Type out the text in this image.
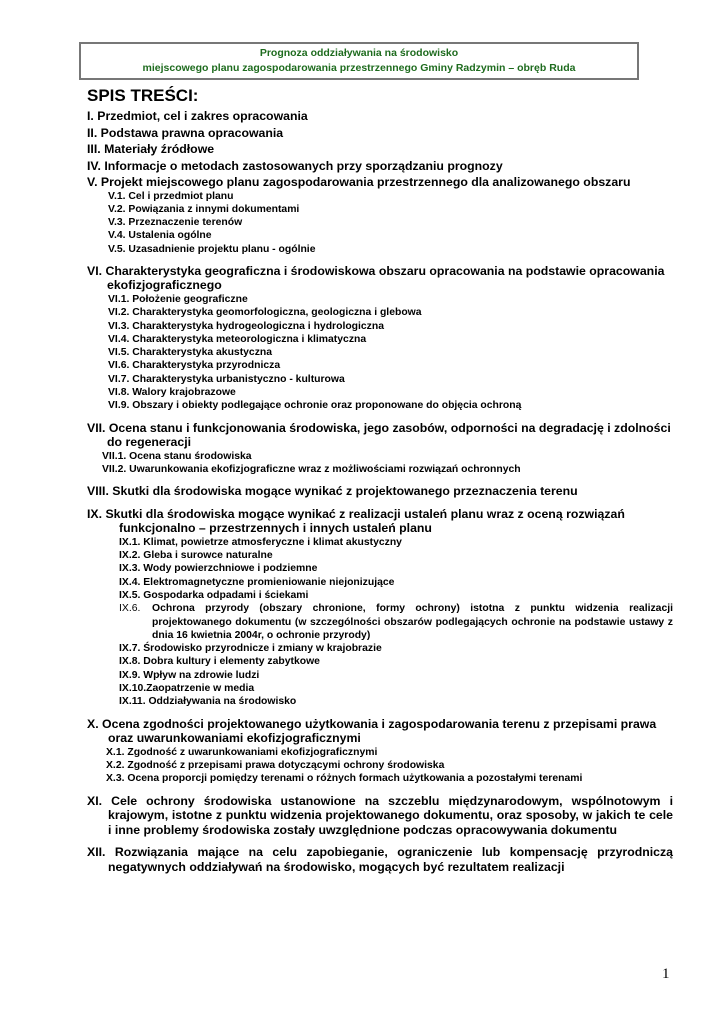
Prognoza oddziaływania na środowisko
miejscowego planu zagospodarowania przestrzennego Gminy Radzymin – obręb Ruda
SPIS TREŚCI:
I. Przedmiot, cel i zakres opracowania
II. Podstawa prawna opracowania
III. Materiały źródłowe
IV. Informacje o metodach zastosowanych przy sporządzaniu prognozy
V. Projekt miejscowego planu zagospodarowania przestrzennego dla analizowanego obszaru
V.1. Cel i przedmiot planu
V.2. Powiązania z innymi dokumentami
V.3. Przeznaczenie terenów
V.4. Ustalenia ogólne
V.5. Uzasadnienie projektu planu - ogólnie
VI. Charakterystyka geograficzna i środowiskowa obszaru opracowania na podstawie opracowania ekofizjograficznego
VI.1. Położenie geograficzne
VI.2. Charakterystyka geomorfologiczna, geologiczna i glebowa
VI.3. Charakterystyka hydrogeologiczna i hydrologiczna
VI.4. Charakterystyka meteorologiczna i klimatyczna
VI.5. Charakterystyka akustyczna
VI.6. Charakterystyka przyrodnicza
VI.7. Charakterystyka urbanistyczno - kulturowa
VI.8. Walory krajobrazowe
VI.9. Obszary i obiekty podlegające ochronie oraz proponowane do objęcia ochroną
VII. Ocena stanu i funkcjonowania środowiska, jego zasobów, odporności na degradację i zdolności do regeneracji
VII.1. Ocena stanu środowiska
VII.2. Uwarunkowania ekofizjograficzne wraz z możliwościami rozwiązań ochronnych
VIII. Skutki dla środowiska mogące wynikać z projektowanego przeznaczenia terenu
IX. Skutki dla środowiska mogące wynikać z realizacji ustaleń planu wraz z oceną rozwiązań funkcjonalno – przestrzennych i innych ustaleń planu
IX.1. Klimat, powietrze atmosferyczne i klimat akustyczny
IX.2. Gleba i surowce naturalne
IX.3. Wody powierzchniowe i podziemne
IX.4. Elektromagnetyczne promieniowanie niejonizujące
IX.5. Gospodarka odpadami i ściekami
IX.6.	Ochrona przyrody (obszary chronione, formy ochrony) istotna z punktu widzenia realizacji projektowanego dokumentu (w szczególności obszarów podlegających ochronie na podstawie ustawy z dnia 16 kwietnia 2004r, o ochronie przyrody)
IX.7. Środowisko przyrodnicze i zmiany w krajobrazie
IX.8. Dobra kultury i elementy zabytkowe
IX.9. Wpływ na zdrowie ludzi
IX.10.Zaopatrzenie w media
IX.11. Oddziaływania na środowisko
X. Ocena zgodności projektowanego użytkowania i zagospodarowania terenu z przepisami prawa oraz uwarunkowaniami ekofizjograficznymi
X.1. Zgodność z uwarunkowaniami ekofizjograficznymi
X.2. Zgodność z przepisami prawa dotyczącymi ochrony środowiska
X.3. Ocena proporcji pomiędzy terenami o różnych formach użytkowania a pozostałymi terenami
XI. Cele ochrony środowiska ustanowione na szczeblu międzynarodowym, wspólnotowym i krajowym, istotne z punktu widzenia projektowanego dokumentu, oraz sposoby, w jakich te cele i inne problemy środowiska zostały uwzględnione podczas opracowywania dokumentu
XII. Rozwiązania mające na celu zapobieganie, ograniczenie lub kompensację przyrodniczą negatywnych oddziaływań na środowisko, mogących być rezultatem realizacji
1
